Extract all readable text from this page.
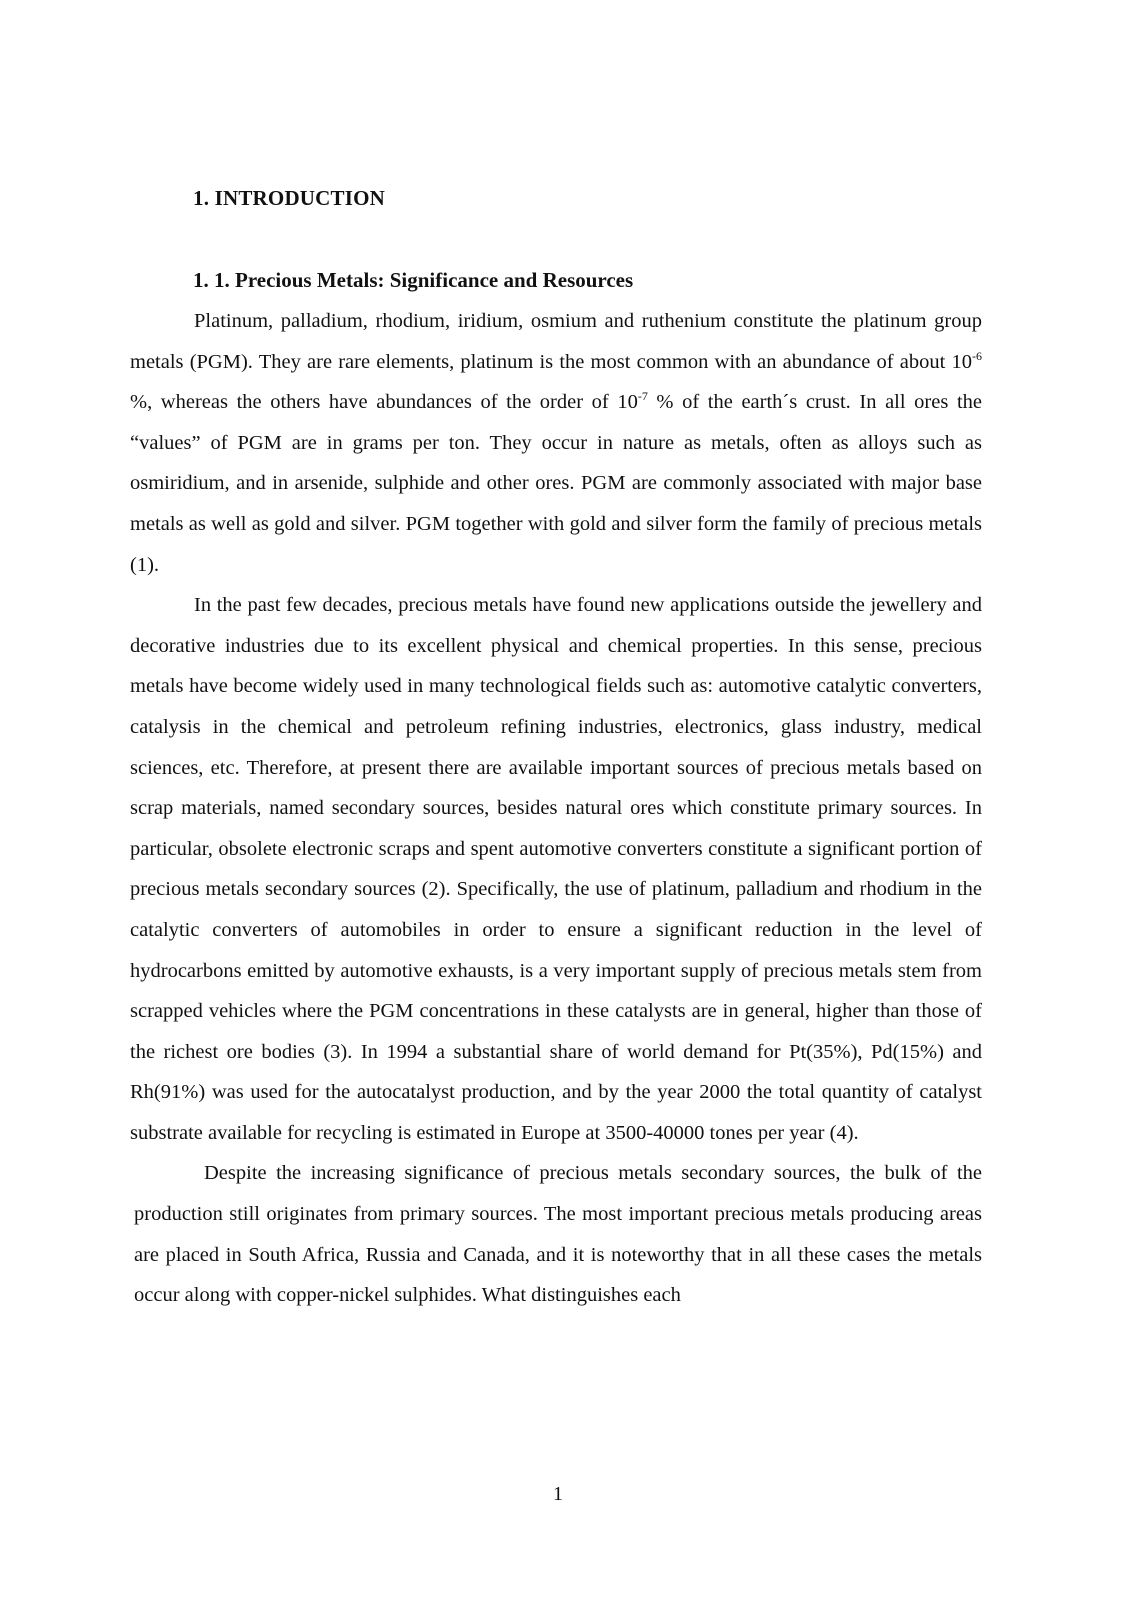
1. INTRODUCTION
1. 1. Precious Metals: Significance and Resources

Platinum, palladium, rhodium, iridium, osmium and ruthenium constitute the platinum group metals (PGM). They are rare elements, platinum is the most common with an abundance of about $10^{-6}$ %, whereas the others have abundances of the order of $10^{-7}$ % of the earth´s crust. In all ores the “values” of PGM are in grams per ton. They occur in nature as metals, often as alloys such as osmiridium, and in arsenide, sulphide and other ores. PGM are commonly associated with major base metals as well as gold and silver. PGM together with gold and silver form the family of precious metals (1).

In the past few decades, precious metals have found new applications outside the jewellery and decorative industries due to its excellent physical and chemical properties. In this sense, precious metals have become widely used in many technological fields such as: automotive catalytic converters, catalysis in the chemical and petroleum refining industries, electronics, glass industry, medical sciences, etc. Therefore, at present there are available important sources of precious metals based on scrap materials, named secondary sources, besides natural ores which constitute primary sources. In particular, obsolete electronic scraps and spent automotive converters constitute a significant portion of precious metals secondary sources (2). Specifically, the use of platinum, palladium and rhodium in the catalytic converters of automobiles in order to ensure a significant reduction in the level of hydrocarbons emitted by automotive exhausts, is a very important supply of precious metals stem from scrapped vehicles where the PGM concentrations in these catalysts are in general, higher than those of the richest ore bodies (3). In 1994 a substantial share of world demand for Pt(35%), Pd(15%) and Rh(91%) was used for the autocatalyst production, and by the year 2000 the total quantity of catalyst substrate available for recycling is estimated in Europe at 3500-40000 tones per year (4).

Despite the increasing significance of precious metals secondary sources, the bulk of the production still originates from primary sources. The most important precious metals producing areas are placed in South Africa, Russia and Canada, and it is noteworthy that in all these cases the metals occur along with copper-nickel sulphides. What distinguishes each

1
